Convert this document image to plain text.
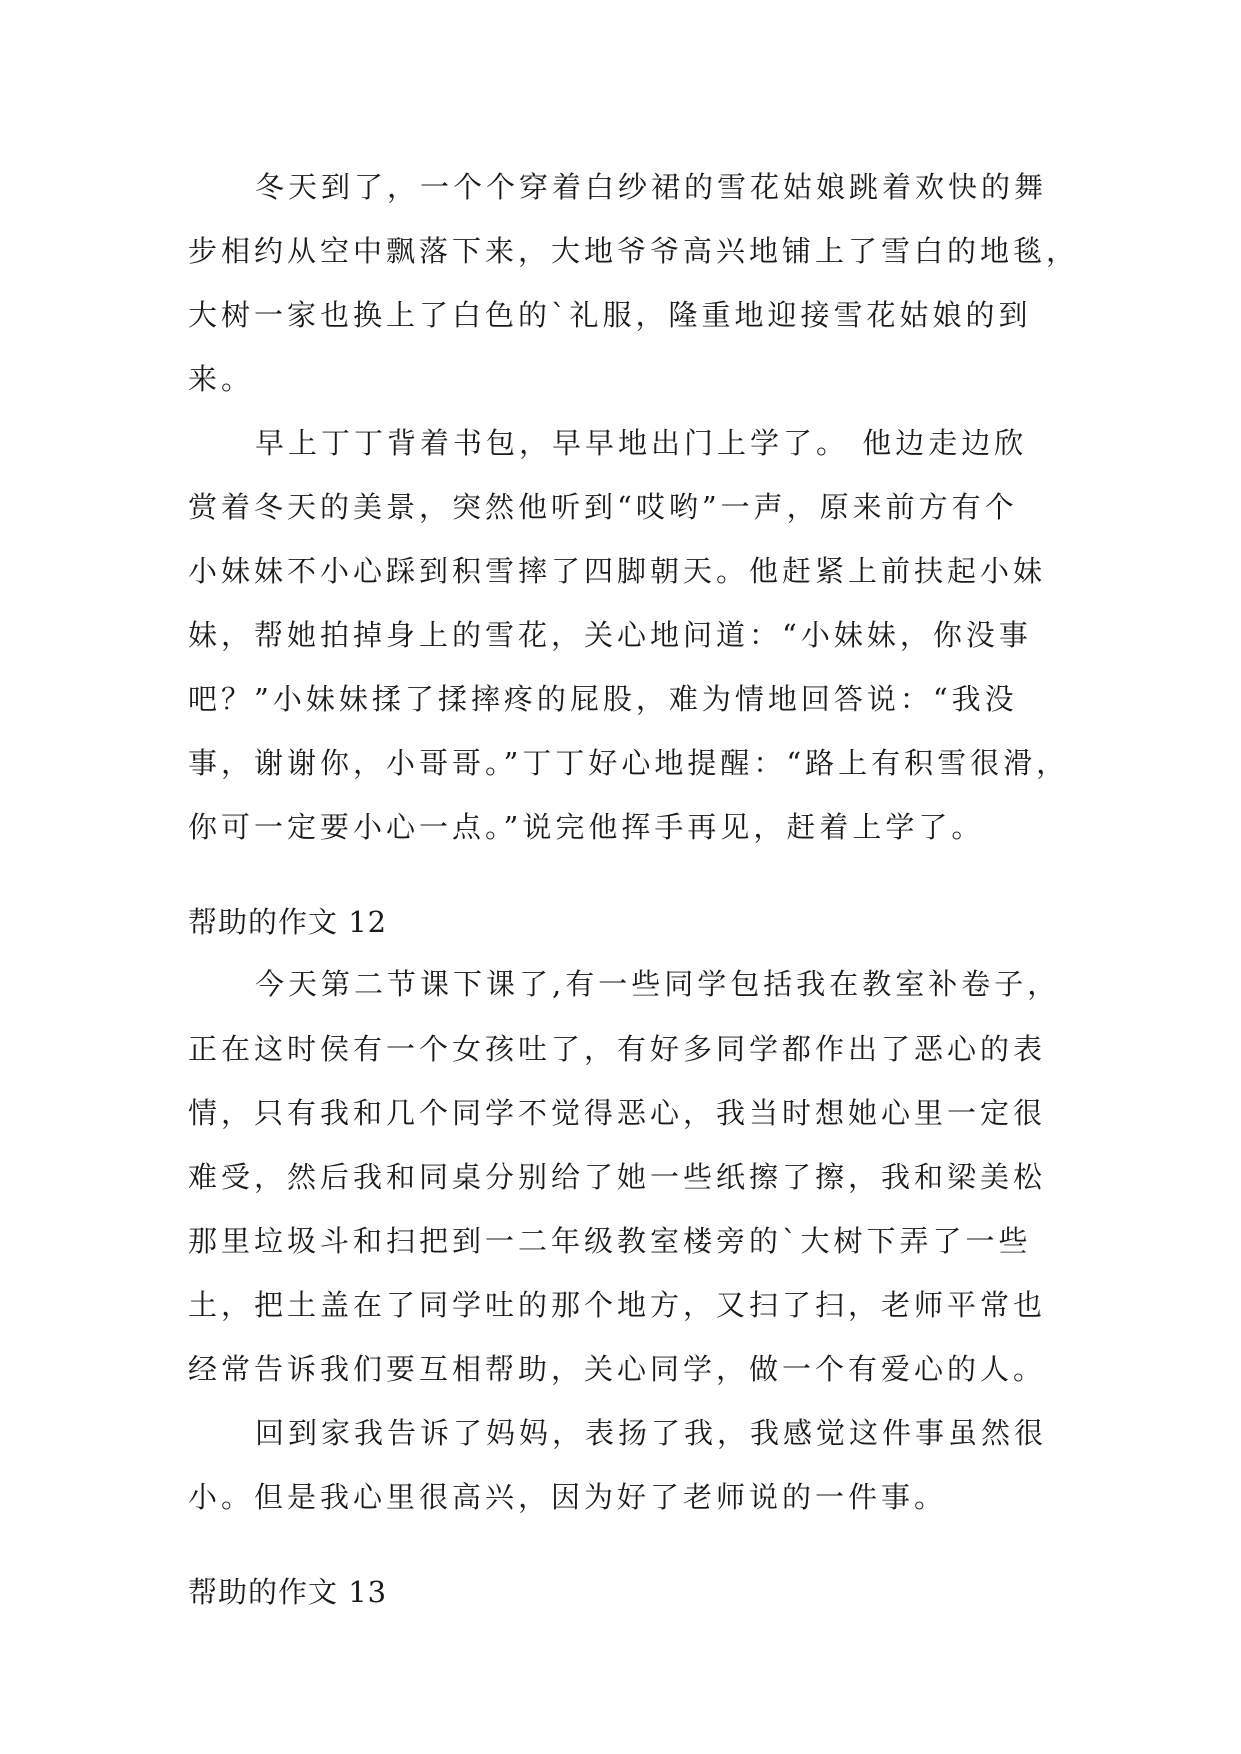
冬天到了，一个个穿着白纱裙的雪花姑娘跳着欢快的舞
步相约从空中飘落下来，大地爷爷高兴地铺上了雪白的地毯，
大树一家也换上了白色的`礼服，隆重地迎接雪花姑娘的到
来。
早上丁丁背着书包，早早地出门上学了。 他边走边欣
赏着冬天的美景，突然他听到“哎哟”一声，原来前方有个
小妹妹不小心踩到积雪摔了四脚朝天。他赶紧上前扶起小妹
妹，帮她拍掉身上的雪花，关心地问道：“小妹妹，你没事
吧？”小妹妹揉了揉摔疼的屁股，难为情地回答说：“我没
事，谢谢你，小哥哥。”丁丁好心地提醒：“路上有积雪很滑，
你可一定要小心一点。”说完他挥手再见，赶着上学了。
帮助的作文 12
今天第二节课下课了,有一些同学包括我在教室补卷子，
正在这时侯有一个女孩吐了，有好多同学都作出了恶心的表
情，只有我和几个同学不觉得恶心，我当时想她心里一定很
难受，然后我和同桌分别给了她一些纸擦了擦，我和梁美松
那里垃圾斗和扫把到一二年级教室楼旁的`大树下弄了一些
土，把土盖在了同学吐的那个地方，又扫了扫，老师平常也
经常告诉我们要互相帮助，关心同学，做一个有爱心的人。
回到家我告诉了妈妈，表扬了我，我感觉这件事虽然很
小。但是我心里很高兴，因为好了老师说的一件事。
帮助的作文 13
